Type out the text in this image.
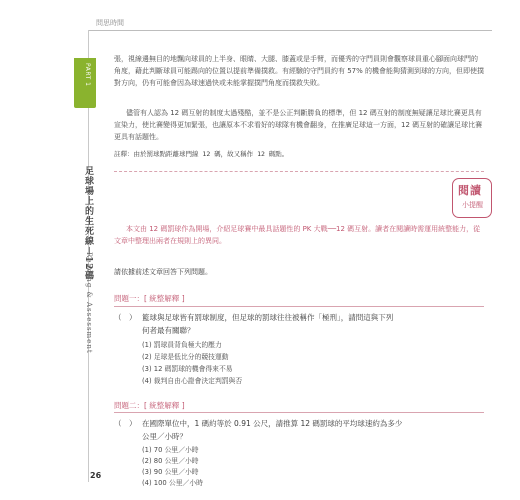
問思時間
PART 1
足球場上的生死線－12碼
Reading & Assessment
張，視線邊無目的地飄向球員的上半身、眼睛、大腿、膝蓋或是手臂，而優秀的守門員則會觀察球員重心腳面向球門的角度，藉此判斷球員可能踢向的位置以提前準備撲救。有經驗的守門員約有 57% 的機會能夠猜測到球的方向，但即使撲對方向，仍有可能會因為球速過快或未能掌握撲門角度而撲救失敗。
儘管有人認為 12 碼互射的制度太過殘酷，並不是公正判斷勝負的標準，但 12 碼互射的制度無疑讓足球比賽更具有宣染力，使比賽變得更加緊張，也讓原本不求看好的球隊有機會翻身，在推廣足球這一方面，12 碼互射的確讓足球比賽更具有話題性。
註釋：由於罰球點距離球門線 12 碼，故又稱作 12 碼點。
閱讀
小提醒
本文由 12 碼罰球作為開場，介紹足球賽中最具話題性的 PK 大戰──12 碼互射。讀者在閱讀時需運用統整能力，從文章中整理出兩者在規則上的異同。
請依據前述文章回答下列問題。
問題一：[ 統整解釋 ]
（　） 籃球與足球皆有罰球制度，但足球的罰球往往被稱作「極刑」，請問這與下列
何者最有關聯？
(1) 罰球員背負極大的壓力
(2) 足球是低比分的競技運動
(3) 12 碼罰球的機會得來不易
(4) 裁判自由心證會決定判罰與否
問題二：[ 統整解釋 ]
（　） 在國際單位中，1 碼約等於 0.91 公尺，請推算 12 碼罰球的平均球速約為多少
公里／小時？
(1) 70 公里／小時
(2) 80 公里／小時
(3) 90 公里／小時
(4) 100 公里／小時
26
